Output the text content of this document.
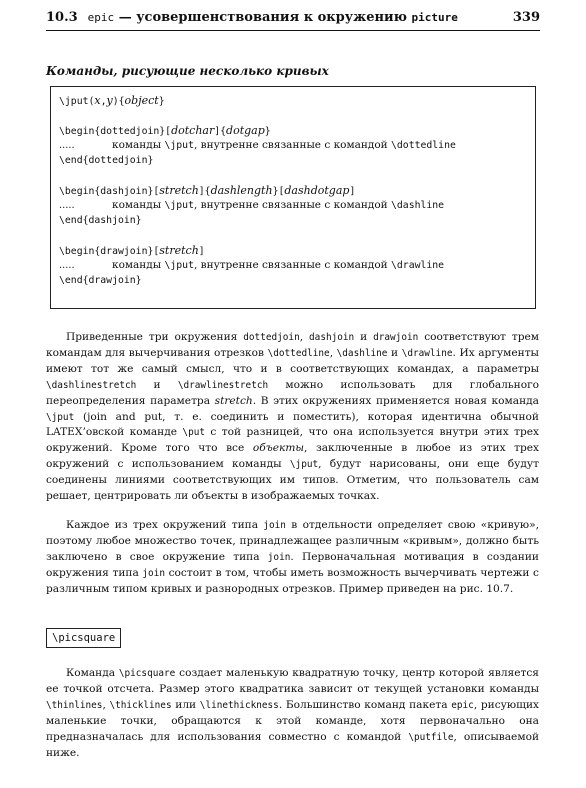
10.3 epic — усовершенствования к окружению picture	339
Команды, рисующие несколько кривых
\jput(x,y){object}
\begin{dottedjoin}[dotchar]{dotgap}
.....	команды \jput, внутренне связанные с командой \dottedline
\end{dottedjoin}
\begin{dashjoin}[stretch]{dashlength}[dashdotgap]
.....	команды \jput, внутренне связанные с командой \dashline
\end{dashjoin}
\begin{drawjoin}[stretch]
.....	команды \jput, внутренне связанные с командой \drawline
\end{drawjoin}
Приведенные три окружения dottedjoin, dashjoin и drawjoin соответствуют трем командам для вычерчивания отрезков \dottedline, \dashline и \drawline. Их аргументы имеют тот же самый смысл, что и в соответствующих командах, а параметры \dashlinestretch и \drawlinestretch можно использовать для глобального переопределения параметра stretch. В этих окружениях применяется новая команда \jput (join and put, т. е. соединить и поместить), которая идентична обычной LATEX’овской команде \put с той разницей, что она используется внутри этих трех окружений. Кроме того что все объекты, заключенные в любое из этих трех окружений с использованием команды \jput, будут нарисованы, они еще будут соединены линиями соответствующих им типов. Отметим, что пользователь сам решает, центрировать ли объекты в изображаемых точках.
Каждое из трех окружений типа join в отдельности определяет свою «кривую», поэтому любое множество точек, принадлежащее различным «кривым», должно быть заключено в свое окружение типа join. Первоначальная мотивация в создании окружения типа join состоит в том, чтобы иметь возможность вычерчивать чертежи с различным типом кривых и разнородных отрезков. Пример приведен на рис. 10.7.
\picsquare
Команда \picsquare создает маленькую квадратную точку, центр которой является ее точкой отсчета. Размер этого квадратика зависит от текущей установки команды \thinlines, \thicklines или \linethickness. Большинство команд пакета epic, рисующих маленькие точки, обращаются к этой команде, хотя первоначально она предназначалась для использования совместно с командой \putfile, описываемой ниже.
